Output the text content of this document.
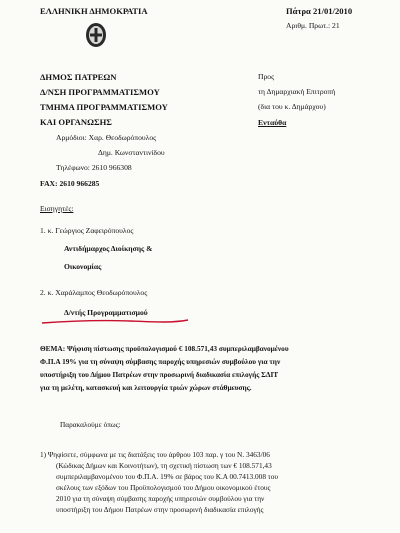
ΕΛΛΗΝΙΚΗ ΔΗΜΟΚΡΑΤΙΑ	Πάτρα 21/01/2010
Αριθμ. Πρωτ.: 21
ΔΗΜΟΣ ΠΑΤΡΕΩΝ
Δ/ΝΣΗ ΠΡΟΓΡΑΜΜΑΤΙΣΜΟΥ
ΤΜΗΜΑ ΠΡΟΓΡΑΜΜΑΤΙΣΜΟΥ
ΚΑΙ ΟΡΓΑΝΩΣΗΣ
Αρμόδιοι: Χαρ. Θεοδωρόπουλος
Δημ. Κωνσταντινίδου
Τηλέφωνο: 2610 966308
FAX: 2610 966285
Προς
τη Δημαρχιακή Επιτροπή
(δια του κ. Δημάρχου)
Ενταύθα
Εισηγητές:
1. κ. Γεώργιος Ζαφειρόπουλος
Αντιδήμαρχος Διοίκησης &
Οικονομίας
2. κ. Χαράλαμπος Θεοδωρόπουλος
Δ/ντής Προγραμματισμού
ΘΕΜΑ: Ψήφιση πίστωσης προϋπολογισμού € 108.571,43 συμπεριλαμβανομένου
Φ.Π.Α 19% για τη σύναψη σύμβασης παροχής υπηρεσιών συμβούλου για την
υποστήριξη του Δήμου Πατρέων στην προσωρινή διαδικασία επιλογής ΣΔΙΤ
για τη μελέτη, κατασκευή και λειτουργία τριών χώρων στάθμευσης.
Παρακαλούμε όπως:
1) Ψηφίσετε, σύμφωνα με τις διατάξεις του άρθρου 103 παρ. γ του Ν. 3463/06
(Κώδικας Δήμων και Κοινοτήτων), τη σχετική πίστωση των € 108.571,43
συμπεριλαμβανομένου του Φ.Π.Α. 19% σε βάρος του Κ.Α 00.7413.008 του
σκέλους των εξόδων του Προϋπολογισμού του Δήμου οικονομικού έτους
2010 για τη σύναψη σύμβασης παροχής υπηρεσιών συμβούλου για την
υποστήριξη του Δήμου Πατρέων στην προσωρινή διαδικασία επιλογής
